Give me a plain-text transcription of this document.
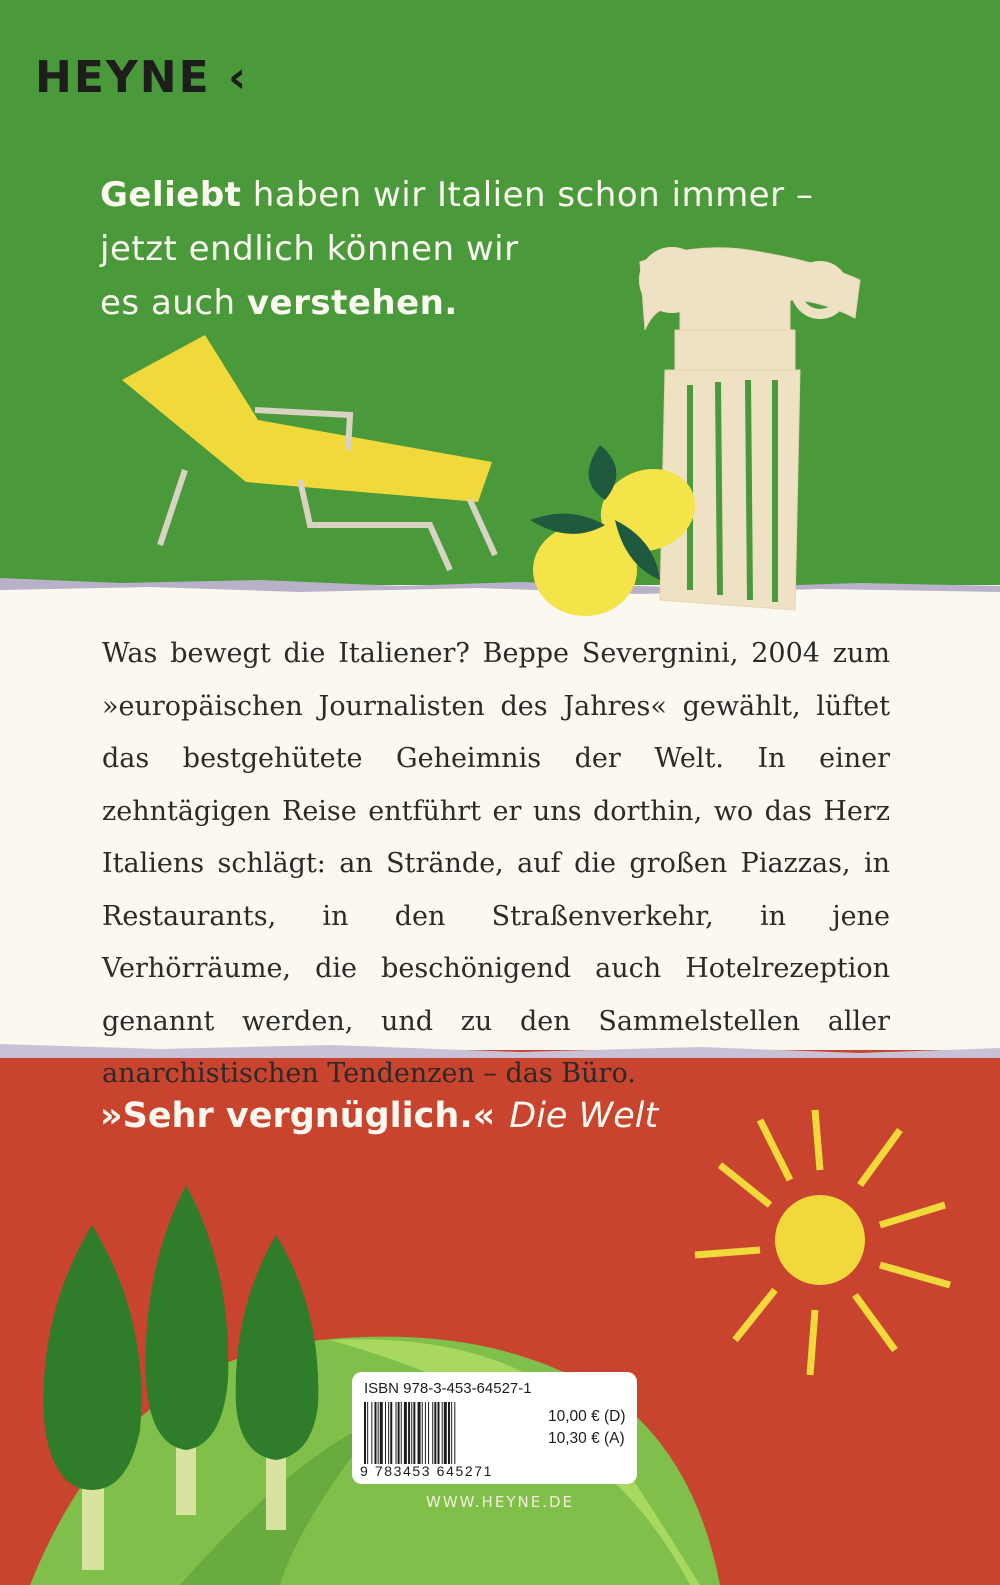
HEYNE ‹
Geliebt haben wir Italien schon immer –
jetzt endlich können wir
es auch verstehen.
Was bewegt die Italiener? Beppe Severgnini, 2004 zum »europäischen Journalisten des Jahres« gewählt, lüftet das bestgehütete Geheimnis der Welt. In einer zehntägigen Reise entführt er uns dorthin, wo das Herz Italiens schlägt: an Strände, auf die großen Piazzas, in Restaurants, in den Straßenverkehr, in jene Verhörräume, die beschönigend auch Hotelrezeption genannt werden, und zu den Sammelstellen aller anarchistischen Tendenzen – das Büro.
»Sehr vergnüglich.« Die Welt
ISBN 978-3-453-64527-1
9 783453 645271
10,00 € (D)
10,30 € (A)
WWW.HEYNE.DE
